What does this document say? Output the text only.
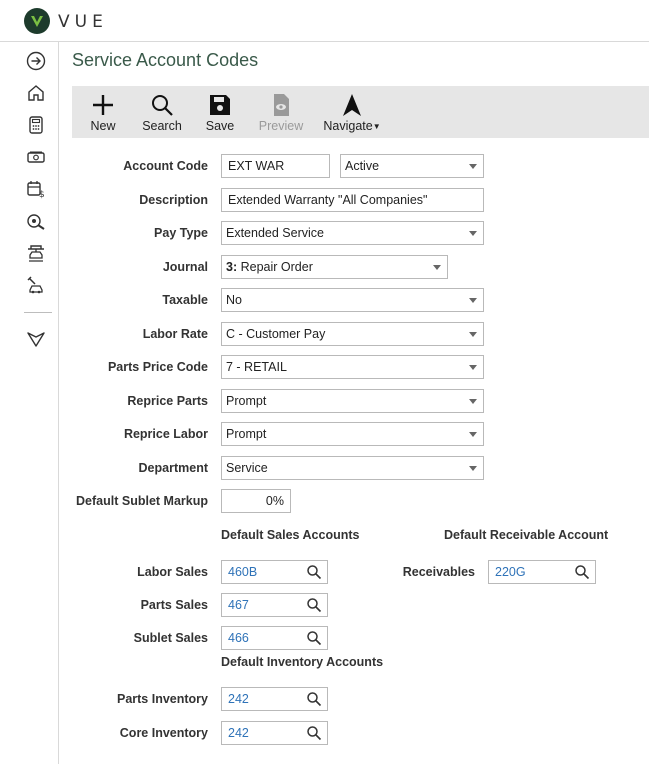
VUE
$
Service Account Codes
New Search Save Preview Navigate▼
Account Code	EXT WAR	Active
Description	Extended Warranty "All Companies"
Pay Type	Extended Service
Journal	3: Repair Order
Taxable	No
Labor Rate	C - Customer Pay
Parts Price Code	7 - RETAIL
Reprice Parts	Prompt
Reprice Labor	Prompt
Department	Service
Default Sublet Markup	0%
Default Sales Accounts	Default Receivable Account
Labor Sales	460B	Receivables	220G
Parts Sales	467
Sublet Sales	466
Default Inventory Accounts
Parts Inventory	242
Core Inventory	242
